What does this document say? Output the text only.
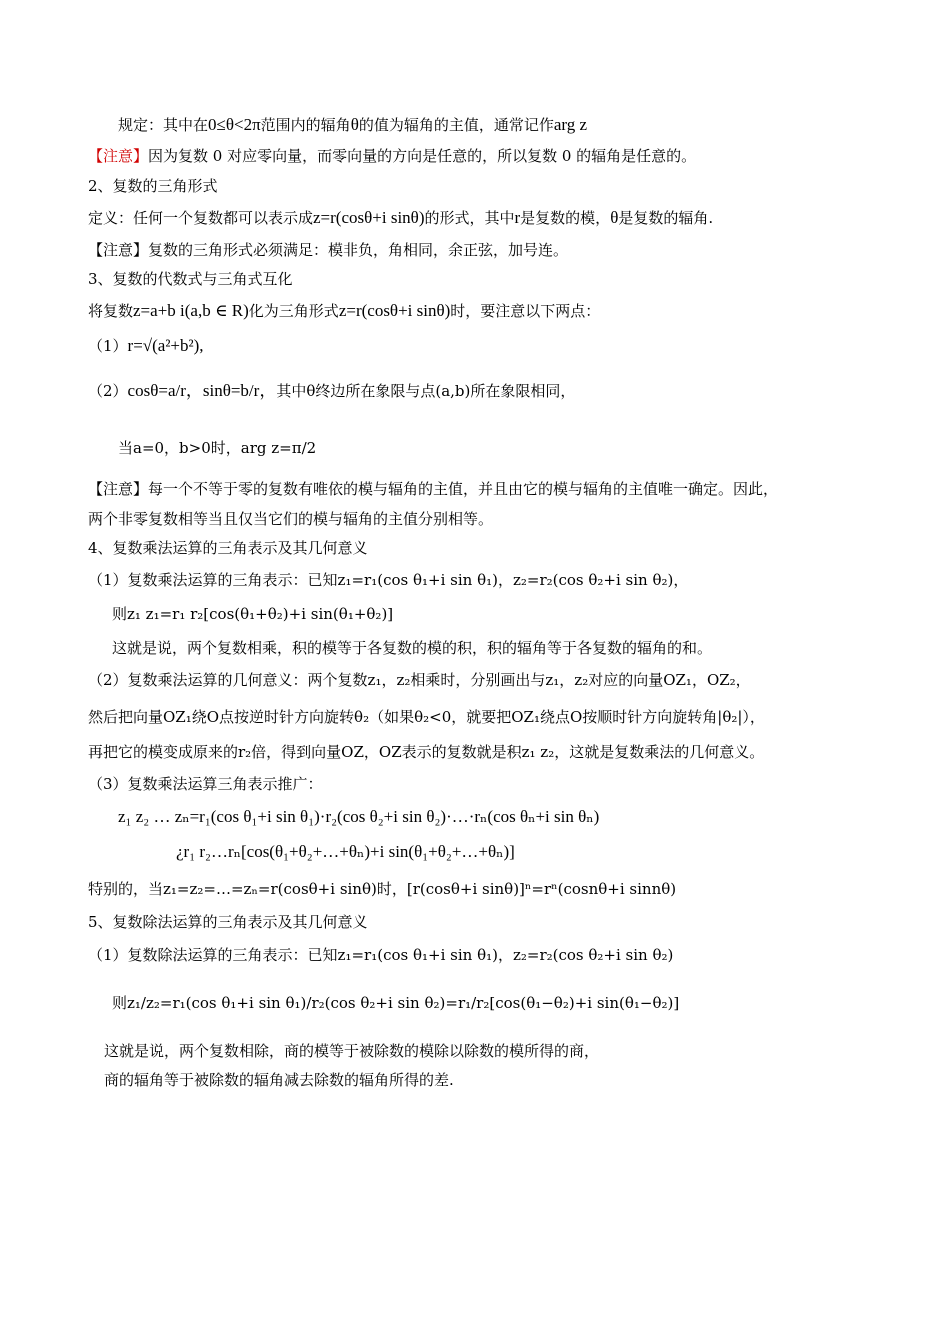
规定：其中在0≤θ<2π范围内的辐角θ的值为辐角的主值，通常记作arg z
【注意】因为复数 0 对应零向量，而零向量的方向是任意的，所以复数 0 的辐角是任意的。
2、复数的三角形式
定义：任何一个复数都可以表示成z=r(cosθ+i sinθ)的形式，其中r是复数的模，θ是复数的辐角.
【注意】复数的三角形式必须满足：模非负，角相同，余正弦，加号连。
3、复数的代数式与三角式互化
将复数z=a+b i(a,b ∈ R)化为三角形式z=r(cosθ+i sinθ)时，要注意以下两点：
（1）r=√(a²+b²),
（2）cosθ=a/r，sinθ=b/r，其中θ终边所在象限与点(a,b)所在象限相同，
当a=0，b>0时，arg z=π/2
【注意】每一个不等于零的复数有唯依的模与辐角的主值，并且由它的模与辐角的主值唯一确定。因此，
两个非零复数相等当且仅当它们的模与辐角的主值分别相等。
4、复数乘法运算的三角表示及其几何意义
（1）复数乘法运算的三角表示：已知z₁=r₁(cos θ₁+i sin θ₁)，z₂=r₂(cos θ₂+i sin θ₂)，
则z₁ z₁=r₁ r₂[cos(θ₁+θ₂)+i sin(θ₁+θ₂)]
这就是说，两个复数相乘，积的模等于各复数的模的积，积的辐角等于各复数的辐角的和。
（2）复数乘法运算的几何意义：两个复数z₁，z₂相乘时，分别画出与z₁，z₂对应的向量OZ₁，OZ₂，
然后把向量OZ₁绕O点按逆时针方向旋转θ₂（如果θ₂<0，就要把OZ₁绕点O按顺时针方向旋转角|θ₂|），
再把它的模变成原来的r₂倍，得到向量OZ，OZ表示的复数就是积z₁ z₂，这就是复数乘法的几何意义。
（3）复数乘法运算三角表示推广：
z₁ z₂ … zₙ=r₁(cos θ₁+i sin θ₁)·r₂(cos θ₂+i sin θ₂)·…·rₙ(cos θₙ+i sin θₙ)
¿r₁ r₂…rₙ[cos(θ₁+θ₂+…+θₙ)+i sin(θ₁+θ₂+…+θₙ)]
特别的，当z₁=z₂=…=zₙ=r(cosθ+i sinθ)时，[r(cosθ+i sinθ)]ⁿ=rⁿ(cosnθ+i sinnθ)
5、复数除法运算的三角表示及其几何意义
（1）复数除法运算的三角表示：已知z₁=r₁(cos θ₁+i sin θ₁)，z₂=r₂(cos θ₂+i sin θ₂)
则z₁/z₂=r₁(cos θ₁+i sin θ₁)/r₂(cos θ₂+i sin θ₂)=r₁/r₂[cos(θ₁−θ₂)+i sin(θ₁−θ₂)]
这就是说，两个复数相除，商的模等于被除数的模除以除数的模所得的商，
商的辐角等于被除数的辐角减去除数的辐角所得的差.
